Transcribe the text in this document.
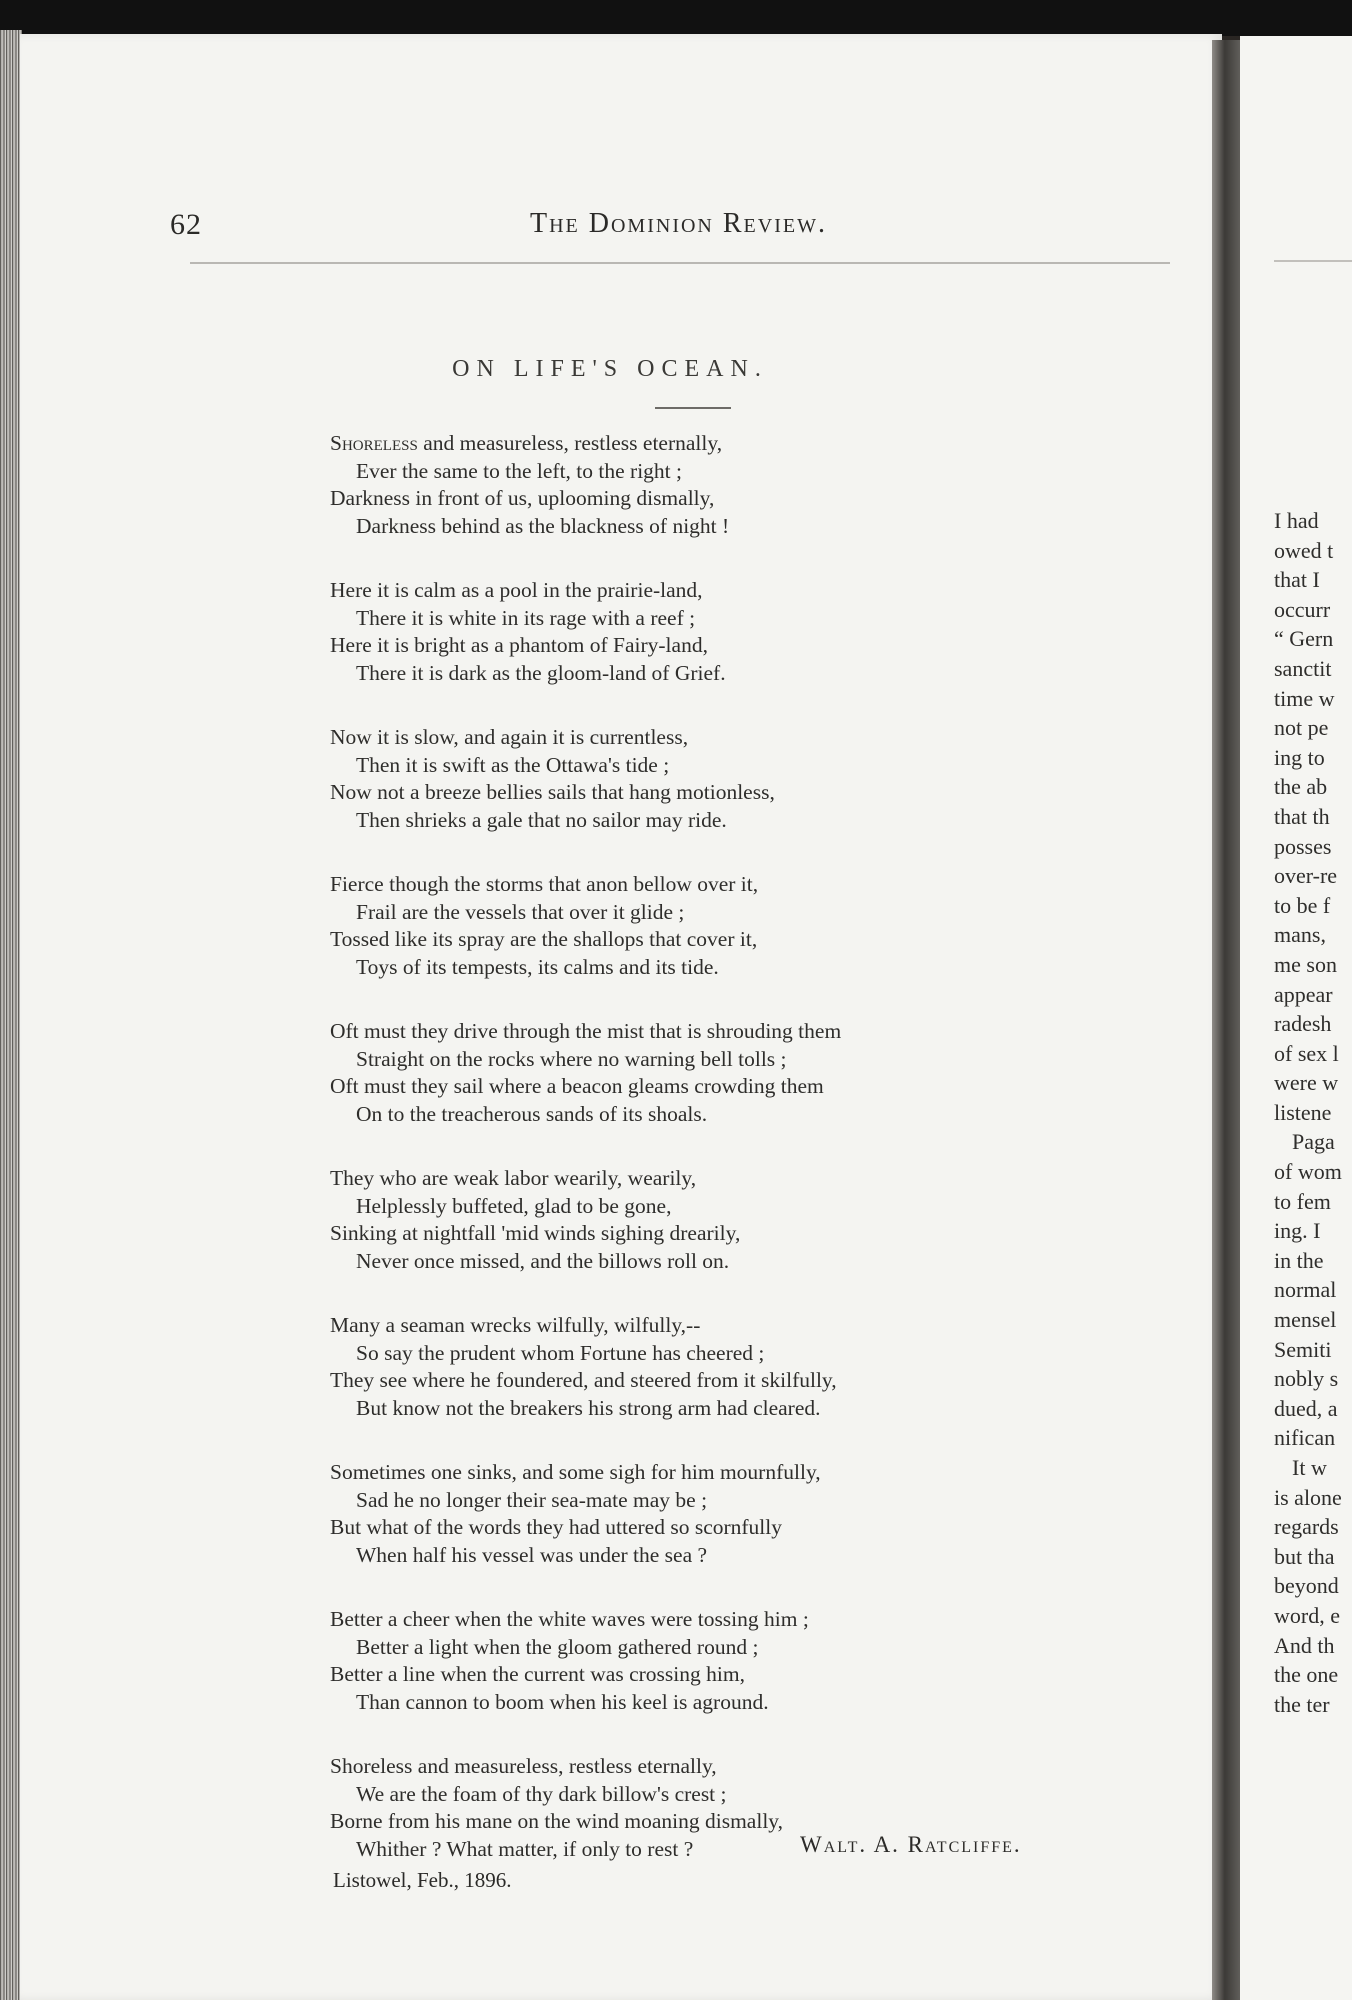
62	The Dominion Review.
ON LIFE'S OCEAN.
Shoreless and measureless, restless eternally,
Ever the same to the left, to the right ;
Darkness in front of us, uplooming dismally,
Darkness behind as the blackness of night !
Here it is calm as a pool in the prairie-land,
There it is white in its rage with a reef ;
Here it is bright as a phantom of Fairy-land,
There it is dark as the gloom-land of Grief.
Now it is slow, and again it is currentless,
Then it is swift as the Ottawa's tide ;
Now not a breeze bellies sails that hang motionless,
Then shrieks a gale that no sailor may ride.
Fierce though the storms that anon bellow over it,
Frail are the vessels that over it glide ;
Tossed like its spray are the shallops that cover it,
Toys of its tempests, its calms and its tide.
Oft must they drive through the mist that is shrouding them
Straight on the rocks where no warning bell tolls ;
Oft must they sail where a beacon gleams crowding them
On to the treacherous sands of its shoals.
They who are weak labor wearily, wearily,
Helplessly buffeted, glad to be gone,
Sinking at nightfall 'mid winds sighing drearily,
Never once missed, and the billows roll on.
Many a seaman wrecks wilfully, wilfully,--
So say the prudent whom Fortune has cheered ;
They see where he foundered, and steered from it skilfully,
But know not the breakers his strong arm had cleared.
Sometimes one sinks, and some sigh for him mournfully,
Sad he no longer their sea-mate may be ;
But what of the words they had uttered so scornfully
When half his vessel was under the sea ?
Better a cheer when the white waves were tossing him ;
Better a light when the gloom gathered round ;
Better a line when the current was crossing him,
Than cannon to boom when his keel is aground.
Shoreless and measureless, restless eternally,
We are the foam of thy dark billow's crest ;
Borne from his mane on the wind moaning dismally,
Whither ? What matter, if only to rest ?	Walt. A. Ratcliffe.
Listowel, Feb., 1896.
I had
owed t
that I
occurr
“ Gern
sanctit
time w
not pe
ing to
the ab
that th
posses
over-re
to be f
mans,
me son
appear
radesh
of sex l
were w
listene
Paga
of wom
to fem
ing. I
in the
normal
mensel
Semiti
nobly s
dued, a
nifican
It w
is alone
regards
but tha
beyond
word, e
And th
the one
the ter
